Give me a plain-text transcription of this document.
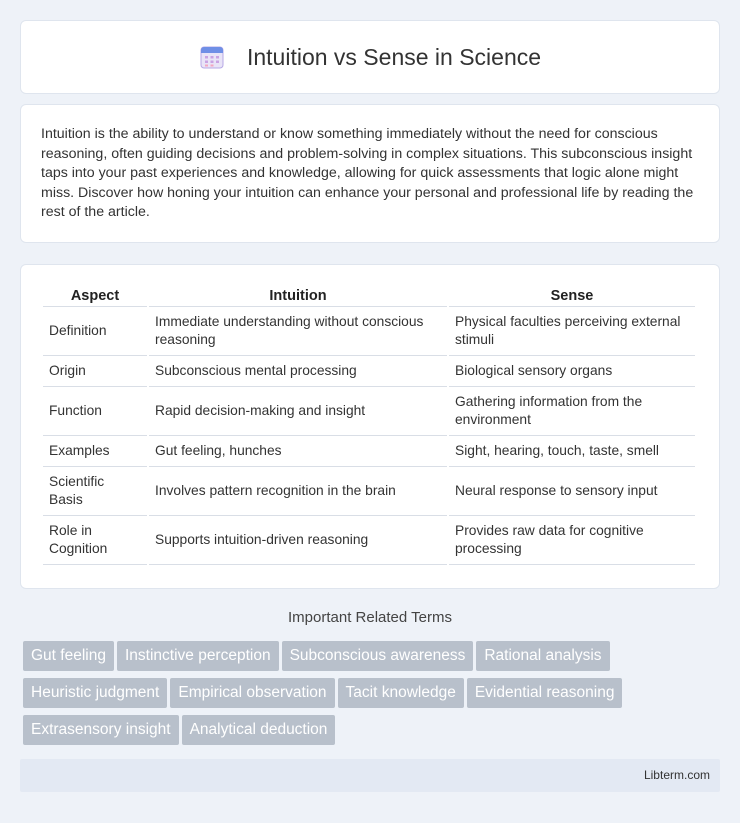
Intuition vs Sense in Science

Intuition is the ability to understand or know something immediately without the need for conscious reasoning, often guiding decisions and problem-solving in complex situations. This subconscious insight taps into your past experiences and knowledge, allowing for quick assessments that logic alone might miss. Discover how honing your intuition can enhance your personal and professional life by reading the rest of the article.

Aspect	Intuition	Sense
Definition	Immediate understanding without conscious reasoning	Physical faculties perceiving external stimuli
Origin	Subconscious mental processing	Biological sensory organs
Function	Rapid decision-making and insight	Gathering information from the environment
Examples	Gut feeling, hunches	Sight, hearing, touch, taste, smell
Scientific Basis	Involves pattern recognition in the brain	Neural response to sensory input
Role in Cognition	Supports intuition-driven reasoning	Provides raw data for cognitive processing
Important Related Terms
Gut feeling Instinctive perception Subconscious awareness Rational analysis
Heuristic judgment Empirical observation Tacit knowledge Evidential reasoning
Extrasensory insight Analytical deduction
Libterm.com
